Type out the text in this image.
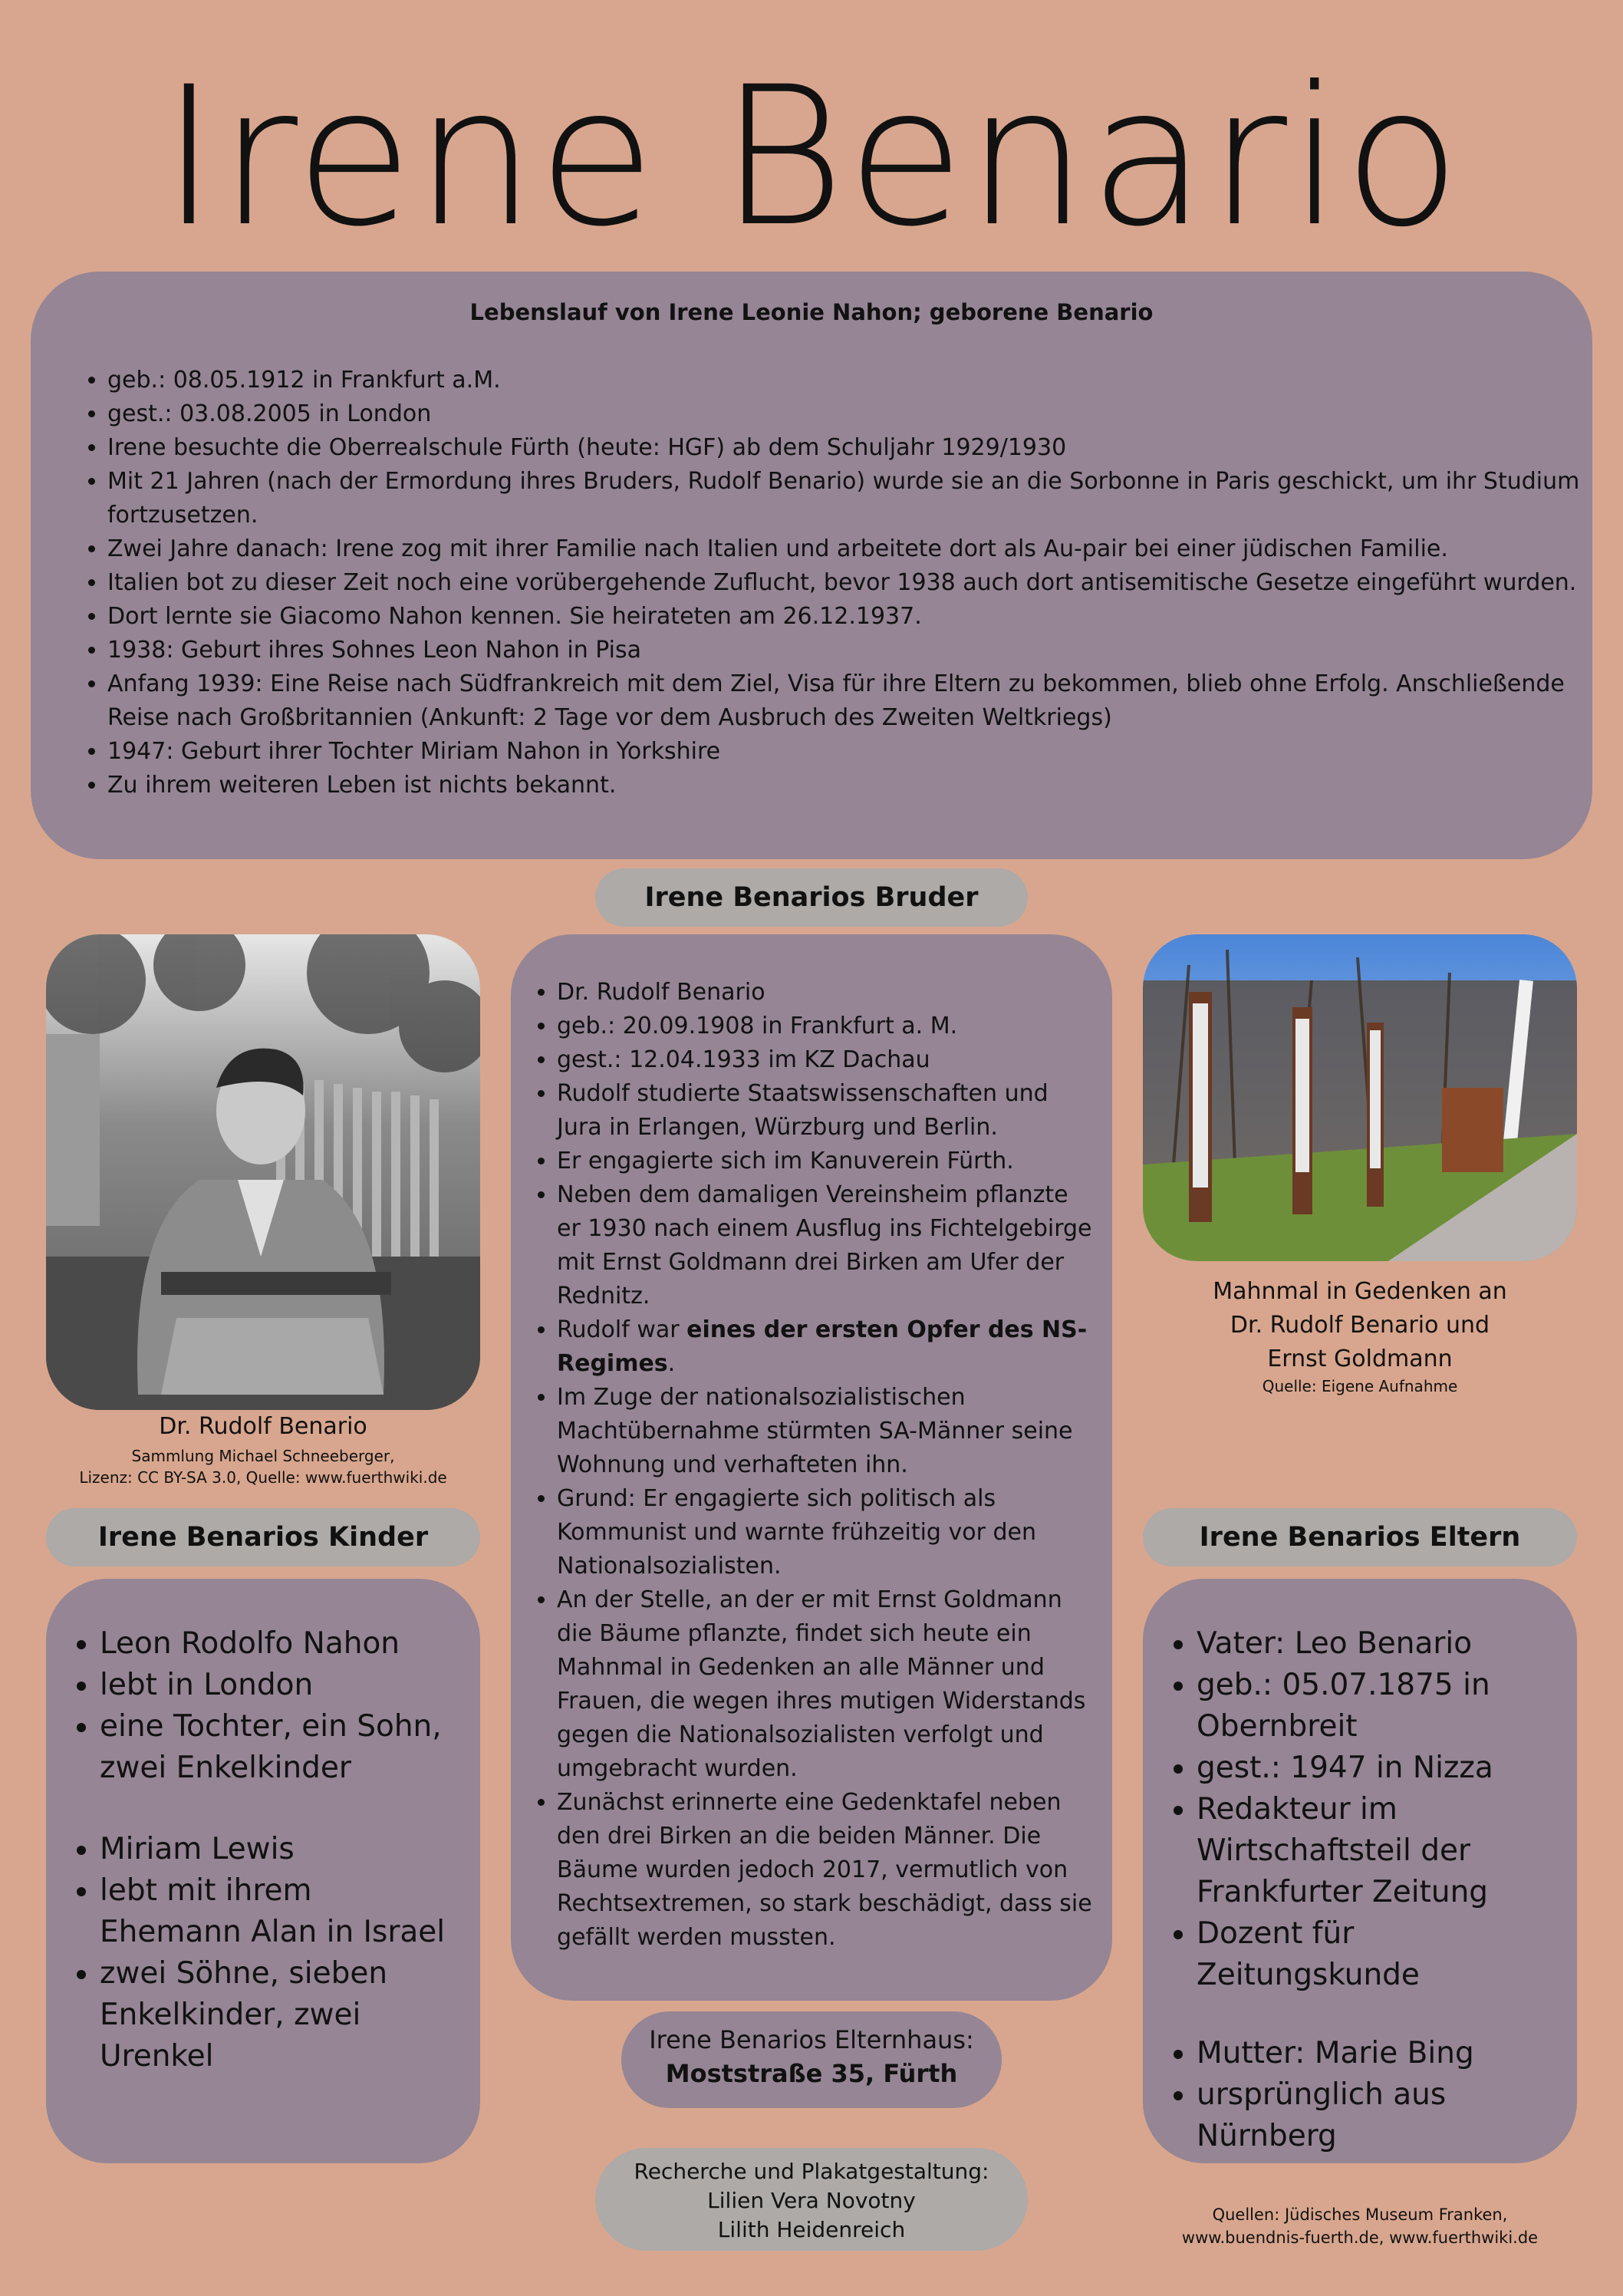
Irene Benario
Lebenslauf von Irene Leonie Nahon; geborene Benario
• geb.: 08.05.1912 in Frankfurt a.M.
• gest.: 03.08.2005 in London
• Irene besuchte die Oberrealschule Fürth (heute: HGF) ab dem Schuljahr 1929/1930
• Mit 21 Jahren (nach der Ermordung ihres Bruders, Rudolf Benario) wurde sie an die Sorbonne in Paris geschickt, um ihr Studium fortzusetzen.
• Zwei Jahre danach: Irene zog mit ihrer Familie nach Italien und arbeitete dort als Au-pair bei einer jüdischen Familie.
• Italien bot zu dieser Zeit noch eine vorübergehende Zuflucht, bevor 1938 auch dort antisemitische Gesetze eingeführt wurden.
• Dort lernte sie Giacomo Nahon kennen. Sie heirateten am 26.12.1937.
• 1938: Geburt ihres Sohnes Leon Nahon in Pisa
• Anfang 1939: Eine Reise nach Südfrankreich mit dem Ziel, Visa für ihre Eltern zu bekommen, blieb ohne Erfolg. Anschließende Reise nach Großbritannien (Ankunft: 2 Tage vor dem Ausbruch des Zweiten Weltkriegs)
• 1947: Geburt ihrer Tochter Miriam Nahon in Yorkshire
• Zu ihrem weiteren Leben ist nichts bekannt.
Irene Benarios Bruder
Dr. Rudolf Benario
Sammlung Michael Schneeberger,
Lizenz: CC BY-SA 3.0, Quelle: www.fuerthwiki.de
• Dr. Rudolf Benario
• geb.: 20.09.1908 in Frankfurt a. M.
• gest.: 12.04.1933 im KZ Dachau
• Rudolf studierte Staatswissenschaften und Jura in Erlangen, Würzburg und Berlin.
• Er engagierte sich im Kanuverein Fürth.
• Neben dem damaligen Vereinsheim pflanzte er 1930 nach einem Ausflug ins Fichtelgebirge mit Ernst Goldmann drei Birken am Ufer der Rednitz.
• Rudolf war eines der ersten Opfer des NS-Regimes.
• Im Zuge der nationalsozialistischen Machtübernahme stürmten SA-Männer seine Wohnung und verhafteten ihn.
• Grund: Er engagierte sich politisch als Kommunist und warnte frühzeitig vor den Nationalsozialisten.
• An der Stelle, an der er mit Ernst Goldmann die Bäume pflanzte, findet sich heute ein Mahnmal in Gedenken an alle Männer und Frauen, die wegen ihres mutigen Widerstands gegen die Nationalsozialisten verfolgt und umgebracht wurden.
• Zunächst erinnerte eine Gedenktafel neben den drei Birken an die beiden Männer. Die Bäume wurden jedoch 2017, vermutlich von Rechtsextremen, so stark beschädigt, dass sie gefällt werden mussten.
Mahnmal in Gedenken an
Dr. Rudolf Benario und
Ernst Goldmann
Quelle: Eigene Aufnahme
Irene Benarios Kinder
• Leon Rodolfo Nahon
• lebt in London
• eine Tochter, ein Sohn, zwei Enkelkinder
• Miriam Lewis
• lebt mit ihrem Ehemann Alan in Israel
• zwei Söhne, sieben Enkelkinder, zwei Urenkel
Irene Benarios Eltern
• Vater: Leo Benario
• geb.: 05.07.1875 in Obernbreit
• gest.: 1947 in Nizza
• Redakteur im Wirtschaftsteil der Frankfurter Zeitung
• Dozent für Zeitungskunde
• Mutter: Marie Bing
• ursprünglich aus Nürnberg
Irene Benarios Elternhaus:
Moststraße 35, Fürth
Recherche und Plakatgestaltung:
Lilien Vera Novotny
Lilith Heidenreich
Quellen: Jüdisches Museum Franken,
www.buendnis-fuerth.de, www.fuerthwiki.de
